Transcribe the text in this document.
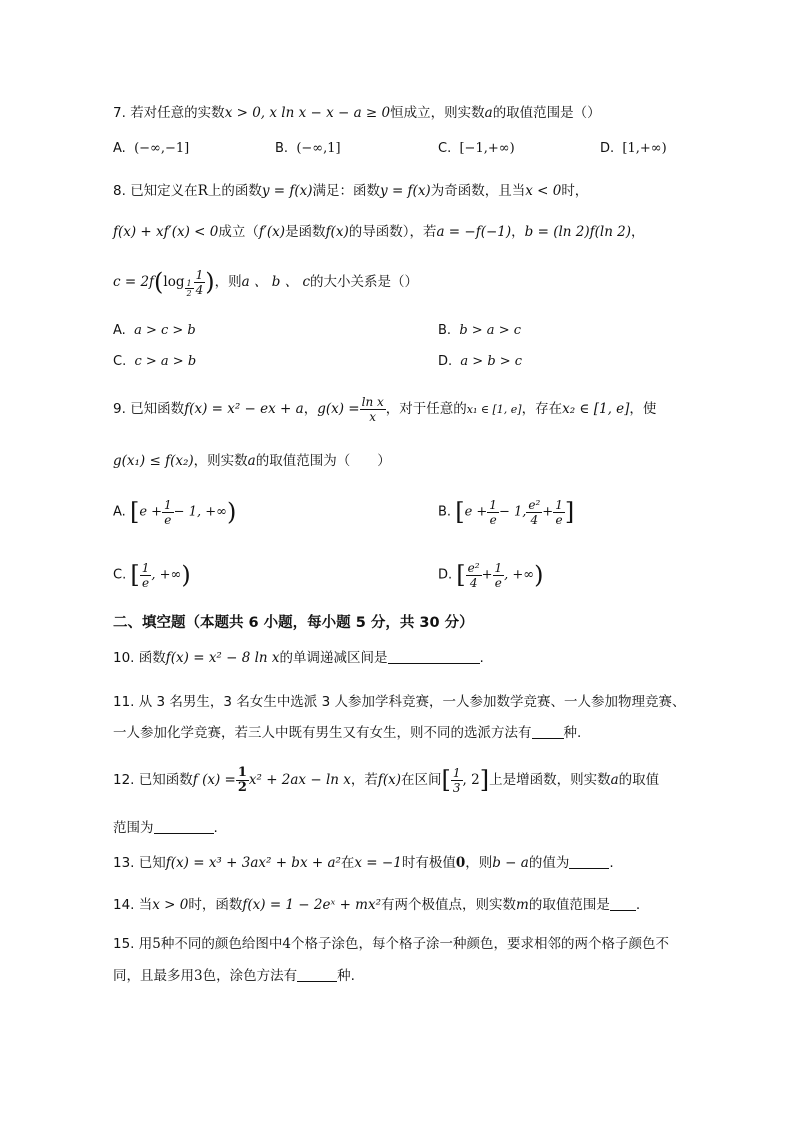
7. 若对任意的实数x > 0, x ln x − x − a ≥ 0恒成立，则实数a的取值范围是（）
A. (−∞,−1]	B. (−∞,1]	C. [−1,+∞)	D. [1,+∞)
8. 已知定义在R上的函数y = f(x)满足：函数y = f(x)为奇函数，且当x < 0时，
f(x) + xf′(x) < 0成立（f′(x)是函数f(x)的导函数），若a = −f(−1)，b = (ln 2)f(ln 2)，
$c = 2f(\log \frac{1}{2} \frac{1}{4}$ )，则a 、 b 、 c的大小关系是（）
A. a > c > b	B. b > a > c
C. c > a > b	D. a > b > c
9. 已知函数f(x) = x² − ex + a，$g(x) = \frac{\text{ln x}}{x}$ ，对于任意的x₁ ∈ [1, e]，存在x₂ ∈ [1, e]，使
g(x₁) ≤ f(x₂)，则实数a的取值范围为（　　）
A. [$e + \frac{1}{e} - 1$, +∞)	B. [$e + \frac{1}{e} - 1$, $\frac{\text{e²}}{4} + \frac{1}{e}$ ]
C. [ $\frac{1}{e}$ , +∞)	D. [ $\frac{\text{e²}}{4} + \frac{1}{e}$ , +∞)
二、填空题（本题共 6 小题，每小题 5 分，共 30 分）
10. 函数f(x) = x² − 8 ln x的单调递减区间是	.
11. 从 3 名男生，3 名女生中选派 3 人参加学科竞赛，一人参加数学竞赛、一人参加物理竞赛、
一人参加化学竞赛，若三人中既有男生又有女生，则不同的选派方法有 种.
12. 已知函数f $(x) = \frac{1}{2} x^2 + 2ax - \ln x$，若f(x)在区间[ $\frac{1}{3}$ , 2]上是增函数，则实数a的取值
范围为	.
13. 已知f(x) = x³ + 3ax² + bx + a²在x = −1时有极值0，则b − a的值为	.
14. 当x > 0时，函数f(x) = 1 − 2eˣ + mx²有两个极值点，则实数m的取值范围是 .
15. 用5种不同的颜色给图中4个格子涂色，每个格子涂一种颜色，要求相邻的两个格子颜色不
同，且最多用3色，涂色方法有	种.
